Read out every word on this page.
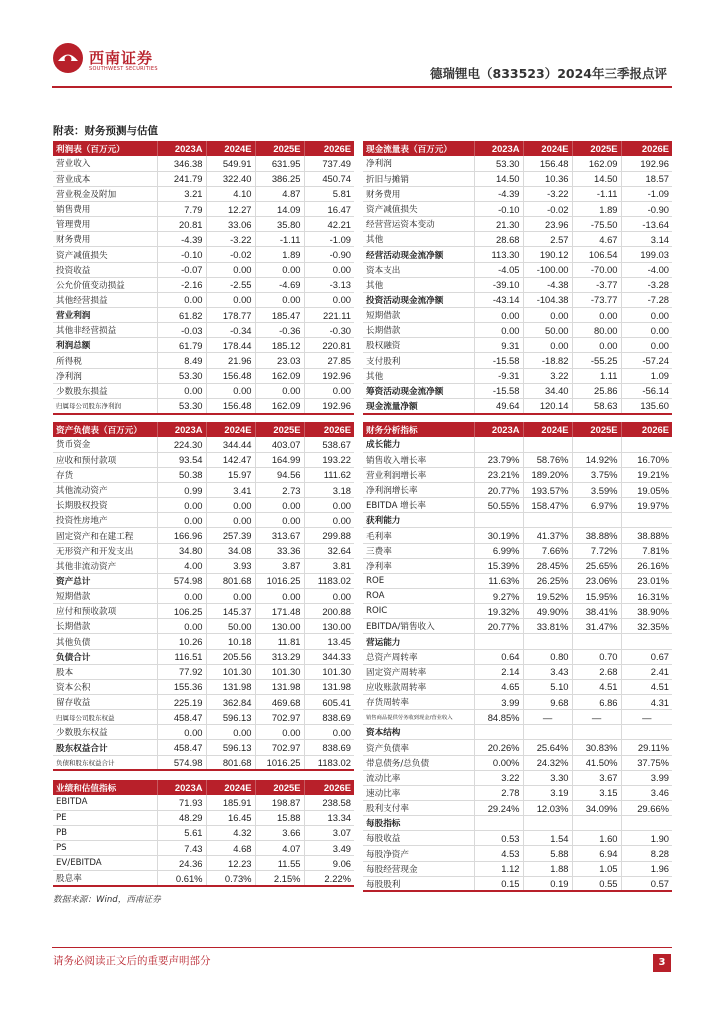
西南证券
SOUTHWEST SECURITIES	德瑞锂电（833523）2024年三季报点评
附表：财务预测与估值
利润表（百万元）	2023A	2024E	2025E	2026E
营业收入	346.38	549.91	631.95	737.49
营业成本	241.79	322.40	386.25	450.74
营业税金及附加	3.21	4.10	4.87	5.81
销售费用	7.79	12.27	14.09	16.47
管理费用	20.81	33.06	35.80	42.21
财务费用	-4.39	-3.22	-1.11	-1.09
资产减值损失	-0.10	-0.02	1.89	-0.90
投资收益	-0.07	0.00	0.00	0.00
公允价值变动损益	-2.16	-2.55	-4.69	-3.13
其他经营损益	0.00	0.00	0.00	0.00
营业利润	61.82	178.77	185.47	221.11
其他非经营损益	-0.03	-0.34	-0.36	-0.30
利润总额	61.79	178.44	185.12	220.81
所得税	8.49	21.96	23.03	27.85
净利润	53.30	156.48	162.09	192.96
少数股东损益	0.00	0.00	0.00	0.00
归属母公司股东净利润	53.30	156.48	162.09	192.96
现金流量表（百万元）	2023A	2024E	2025E	2026E
净利润	53.30	156.48	162.09	192.96
折旧与摊销	14.50	10.36	14.50	18.57
财务费用	-4.39	-3.22	-1.11	-1.09
资产减值损失	-0.10	-0.02	1.89	-0.90
经营营运资本变动	21.30	23.96	-75.50	-13.64
其他	28.68	2.57	4.67	3.14
经营活动现金流净额	113.30	190.12	106.54	199.03
资本支出	-4.05	-100.00	-70.00	-4.00
其他	-39.10	-4.38	-3.77	-3.28
投资活动现金流净额	-43.14	-104.38	-73.77	-7.28
短期借款	0.00	0.00	0.00	0.00
长期借款	0.00	50.00	80.00	0.00
股权融资	9.31	0.00	0.00	0.00
支付股利	-15.58	-18.82	-55.25	-57.24
其他	-9.31	3.22	1.11	1.09
筹资活动现金流净额	-15.58	34.40	25.86	-56.14
现金流量净额	49.64	120.14	58.63	135.60
资产负债表（百万元）	2023A	2024E	2025E	2026E
货币资金	224.30	344.44	403.07	538.67
应收和预付款项	93.54	142.47	164.99	193.22
存货	50.38	15.97	94.56	111.62
其他流动资产	0.99	3.41	2.73	3.18
长期股权投资	0.00	0.00	0.00	0.00
投资性房地产	0.00	0.00	0.00	0.00
固定资产和在建工程	166.96	257.39	313.67	299.88
无形资产和开发支出	34.80	34.08	33.36	32.64
其他非流动资产	4.00	3.93	3.87	3.81
资产总计	574.98	801.68	1016.25	1183.02
短期借款	0.00	0.00	0.00	0.00
应付和预收款项	106.25	145.37	171.48	200.88
长期借款	0.00	50.00	130.00	130.00
其他负债	10.26	10.18	11.81	13.45
负债合计	116.51	205.56	313.29	344.33
股本	77.92	101.30	101.30	101.30
资本公积	155.36	131.98	131.98	131.98
留存收益	225.19	362.84	469.68	605.41
归属母公司股东权益	458.47	596.13	702.97	838.69
少数股东权益	0.00	0.00	0.00	0.00
股东权益合计	458.47	596.13	702.97	838.69
负债和股东权益合计	574.98	801.68	1016.25	1183.02
财务分析指标	2023A	2024E	2025E	2026E
成长能力				
销售收入增长率	23.79%	58.76%	14.92%	16.70%
营业利润增长率	23.21%	189.20%	3.75%	19.21%
净利润增长率	20.77%	193.57%	3.59%	19.05%
EBITDA 增长率	50.55%	158.47%	6.97%	19.97%
获利能力				
毛利率	30.19%	41.37%	38.88%	38.88%
三费率	6.99%	7.66%	7.72%	7.81%
净利率	15.39%	28.45%	25.65%	26.16%
ROE	11.63%	26.25%	23.06%	23.01%
ROA	9.27%	19.52%	15.95%	16.31%
ROIC	19.32%	49.90%	38.41%	38.90%
EBITDA/销售收入	20.77%	33.81%	31.47%	32.35%
营运能力				
总资产周转率	0.64	0.80	0.70	0.67
固定资产周转率	2.14	3.43	2.68	2.41
应收账款周转率	4.65	5.10	4.51	4.51
存货周转率	3.99	9.68	6.86	4.31
销售商品提供劳务收到现金/营业收入	84.85%	—	—	—
资本结构				
资产负债率	20.26%	25.64%	30.83%	29.11%
带息债务/总负债	0.00%	24.32%	41.50%	37.75%
流动比率	3.22	3.30	3.67	3.99
速动比率	2.78	3.19	3.15	3.46
股利支付率	29.24%	12.03%	34.09%	29.66%
每股指标				
每股收益	0.53	1.54	1.60	1.90
每股净资产	4.53	5.88	6.94	8.28
每股经营现金	1.12	1.88	1.05	1.96
每股股利	0.15	0.19	0.55	0.57
业绩和估值指标	2023A	2024E	2025E	2026E
EBITDA	71.93	185.91	198.87	238.58
PE	48.29	16.45	15.88	13.34
PB	5.61	4.32	3.66	3.07
PS	7.43	4.68	4.07	3.49
EV/EBITDA	24.36	12.23	11.55	9.06
股息率	0.61%	0.73%	2.15%	2.22%
数据来源：Wind，西南证券
请务必阅读正文后的重要声明部分	3
